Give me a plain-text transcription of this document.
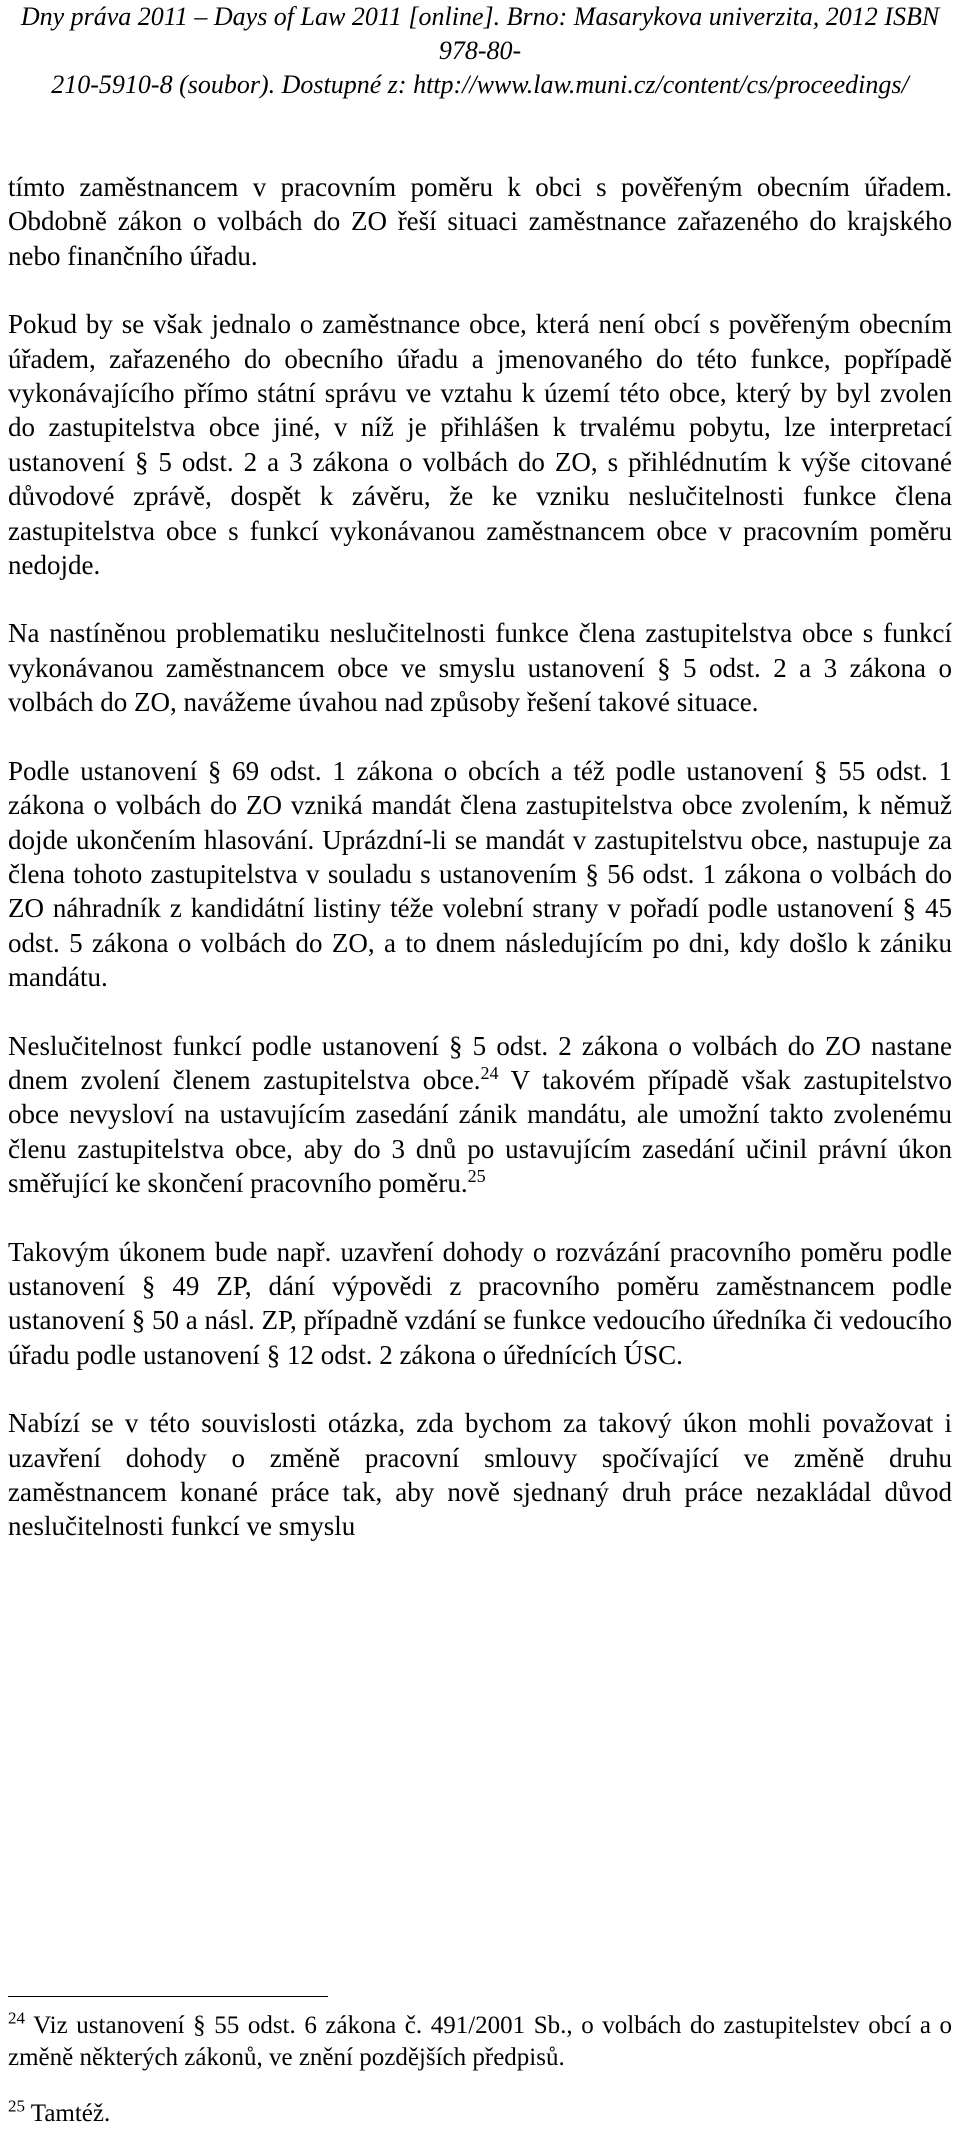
Dny práva 2011 – Days of Law 2011 [online]. Brno: Masarykova univerzita, 2012 ISBN 978-80-
210-5910-8 (soubor). Dostupné z: http://www.law.muni.cz/content/cs/proceedings/

tímto zaměstnancem v pracovním poměru k obci s pověřeným obecním úřadem. Obdobně zákon o volbách do ZO řeší situaci zaměstnance zařazeného do krajského nebo finančního úřadu.

Pokud by se však jednalo o zaměstnance obce, která není obcí s pověřeným obecním úřadem, zařazeného do obecního úřadu a jmenovaného do této funkce, popřípadě vykonávajícího přímo státní správu ve vztahu k území této obce, který by byl zvolen do zastupitelstva obce jiné, v níž je přihlášen k trvalému pobytu, lze interpretací ustanovení § 5 odst. 2 a 3 zákona o volbách do ZO, s přihlédnutím k výše citované důvodové zprávě, dospět k závěru, že ke vzniku neslučitelnosti funkce člena zastupitelstva obce s funkcí vykonávanou zaměstnancem obce v pracovním poměru nedojde.

Na nastíněnou problematiku neslučitelnosti funkce člena zastupitelstva obce s funkcí vykonávanou zaměstnancem obce ve smyslu ustanovení § 5 odst. 2 a 3 zákona o volbách do ZO, navážeme úvahou nad způsoby řešení takové situace.

Podle ustanovení § 69 odst. 1 zákona o obcích a též podle ustanovení § 55 odst. 1 zákona o volbách do ZO vzniká mandát člena zastupitelstva obce zvolením, k němuž dojde ukončením hlasování. Uprázdní-li se mandát v zastupitelstvu obce, nastupuje za člena tohoto zastupitelstva v souladu s ustanovením § 56 odst. 1 zákona o volbách do ZO náhradník z kandidátní listiny téže volební strany v pořadí podle ustanovení § 45 odst. 5 zákona o volbách do ZO, a to dnem následujícím po dni, kdy došlo k zániku mandátu.

Neslučitelnost funkcí podle ustanovení § 5 odst. 2 zákona o volbách do ZO nastane dnem zvolení členem zastupitelstva obce.$^{24}$ V takovém případě však zastupitelstvo obce nevysloví na ustavujícím zasedání zánik mandátu, ale umožní takto zvolenému členu zastupitelstva obce, aby do 3 dnů po ustavujícím zasedání učinil právní úkon směřující ke skončení pracovního poměru.$^{25}$

Takovým úkonem bude např. uzavření dohody o rozvázání pracovního poměru podle ustanovení § 49 ZP, dání výpovědi z pracovního poměru zaměstnancem podle ustanovení § 50 a násl. ZP, případně vzdání se funkce vedoucího úředníka či vedoucího úřadu podle ustanovení § 12 odst. 2 zákona o úřednících ÚSC.

Nabízí se v této souvislosti otázka, zda bychom za takový úkon mohli považovat i uzavření dohody o změně pracovní smlouvy spočívající ve změně druhu zaměstnancem konané práce tak, aby nově sjednaný druh práce nezakládal důvod neslučitelnosti funkcí ve smyslu

$^{24}$ Viz ustanovení § 55 odst. 6 zákona č. 491/2001 Sb., o volbách do zastupitelstev obcí a o změně některých zákonů, ve znění pozdějších předpisů.

$^{25}$ Tamtéž.
